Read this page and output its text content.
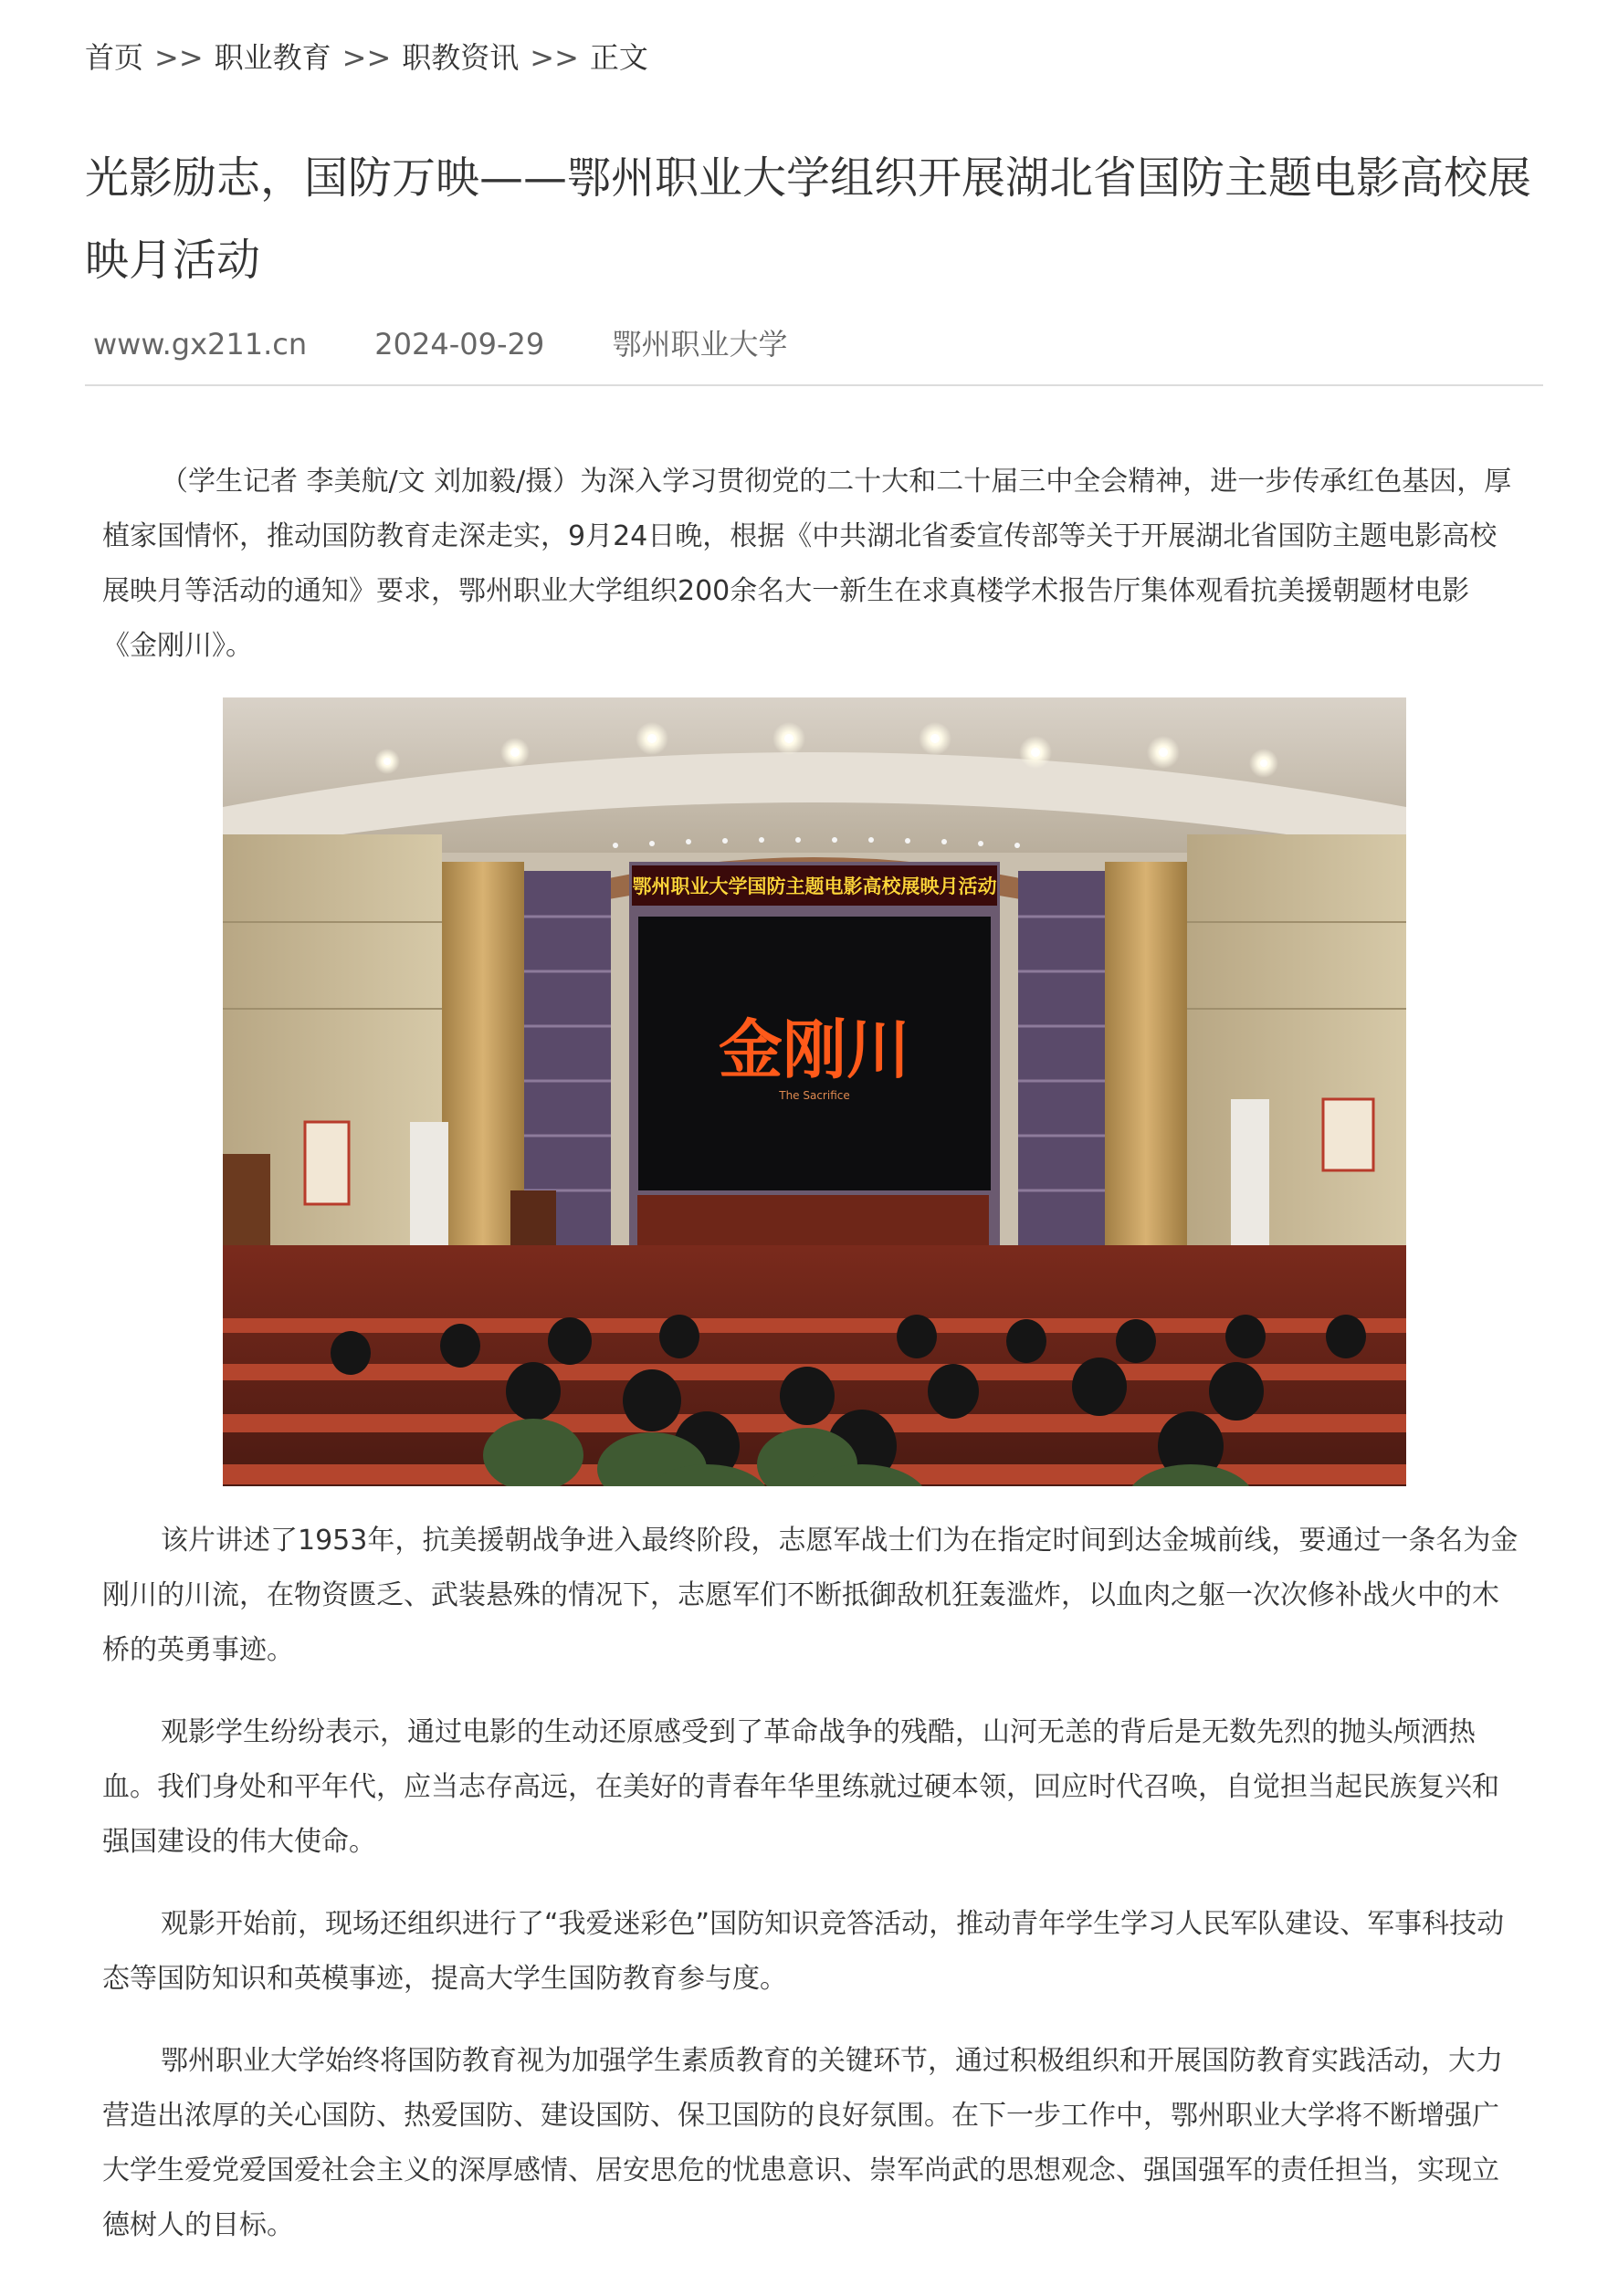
首页 >> 职业教育 >> 职教资讯 >> 正文
光影励志，国防万映——鄂州职业大学组织开展湖北省国防主题电影高校展映月活动
www.gx211.cn 2024-09-29 鄂州职业大学

（学生记者 李美航/文 刘加毅/摄）为深入学习贯彻党的二十大和二十届三中全会精神，进一步传承红色基因，厚植家国情怀，推动国防教育走深走实，9月24日晚，根据《中共湖北省委宣传部等关于开展湖北省国防主题电影高校展映月等活动的通知》要求，鄂州职业大学组织200余名大一新生在求真楼学术报告厅集体观看抗美援朝题材电影《金刚川》。

鄂州职业大学国防主题电影高校展映月活动
金刚川
The Sacrifice

该片讲述了1953年，抗美援朝战争进入最终阶段，志愿军战士们为在指定时间到达金城前线，要通过一条名为金刚川的川流，在物资匮乏、武装悬殊的情况下，志愿军们不断抵御敌机狂轰滥炸，以血肉之躯一次次修补战火中的木桥的英勇事迹。

观影学生纷纷表示，通过电影的生动还原感受到了革命战争的残酷，山河无恙的背后是无数先烈的抛头颅洒热血。我们身处和平年代，应当志存高远，在美好的青春年华里练就过硬本领，回应时代召唤，自觉担当起民族复兴和强国建设的伟大使命。

观影开始前，现场还组织进行了“我爱迷彩色”国防知识竞答活动，推动青年学生学习人民军队建设、军事科技动态等国防知识和英模事迹，提高大学生国防教育参与度。

鄂州职业大学始终将国防教育视为加强学生素质教育的关键环节，通过积极组织和开展国防教育实践活动，大力营造出浓厚的关心国防、热爱国防、建设国防、保卫国防的良好氛围。在下一步工作中，鄂州职业大学将不断增强广大学生爱党爱国爱社会主义的深厚感情、居安思危的忧患意识、崇军尚武的思想观念、强国强军的责任担当，实现立德树人的目标。
